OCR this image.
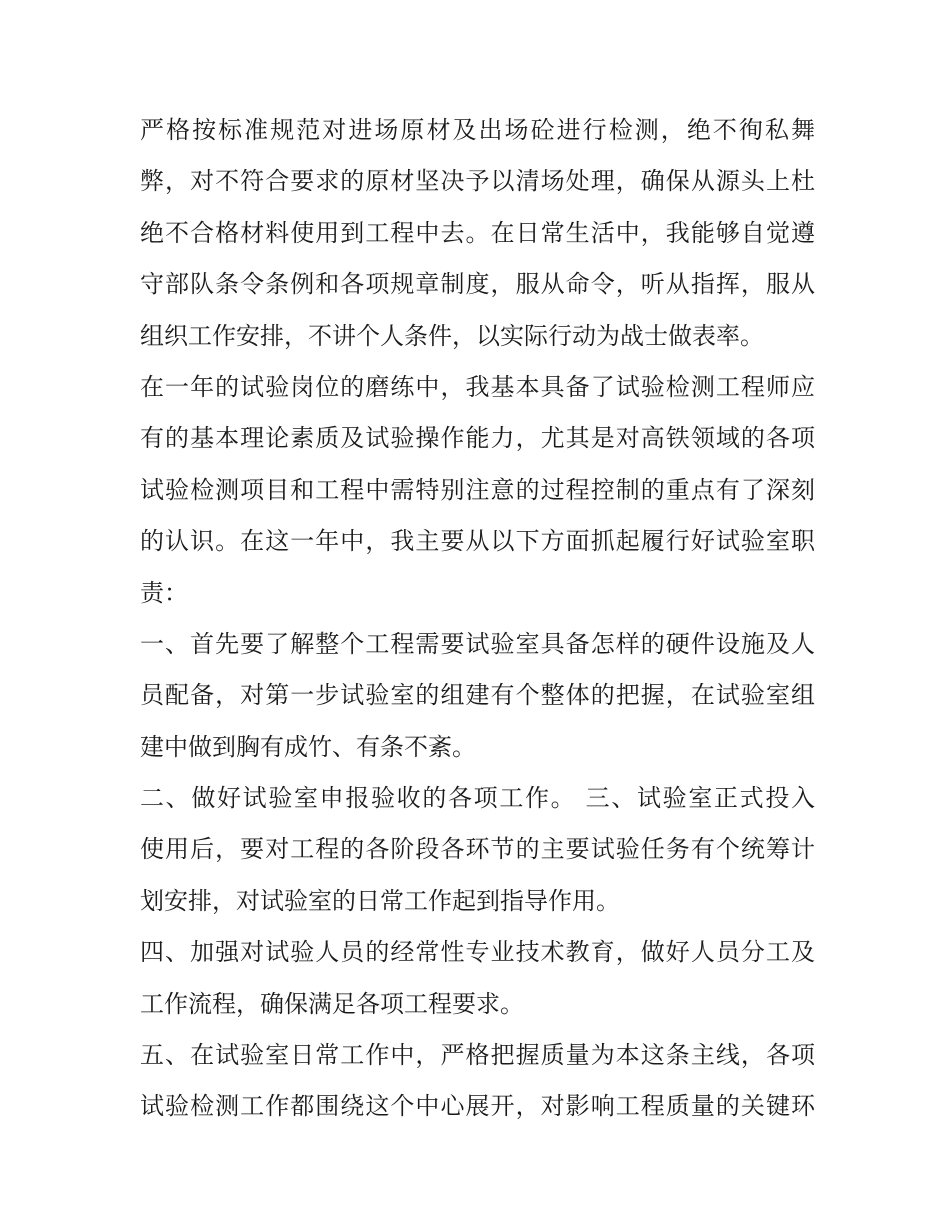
严格按标准规范对进场原材及出场砼进行检测，绝不徇私舞
弊，对不符合要求的原材坚决予以清场处理，确保从源头上杜
绝不合格材料使用到工程中去。在日常生活中，我能够自觉遵
守部队条令条例和各项规章制度，服从命令，听从指挥，服从
组织工作安排，不讲个人条件，以实际行动为战士做表率。
在一年的试验岗位的磨练中，我基本具备了试验检测工程师应
有的基本理论素质及试验操作能力，尤其是对高铁领域的各项
试验检测项目和工程中需特别注意的过程控制的重点有了深刻
的认识。在这一年中，我主要从以下方面抓起履行好试验室职
责：
一、首先要了解整个工程需要试验室具备怎样的硬件设施及人
员配备，对第一步试验室的组建有个整体的把握，在试验室组
建中做到胸有成竹、有条不紊。
二、做好试验室申报验收的各项工作。 三、试验室正式投入
使用后，要对工程的各阶段各环节的主要试验任务有个统筹计
划安排，对试验室的日常工作起到指导作用。
四、加强对试验人员的经常性专业技术教育，做好人员分工及
工作流程，确保满足各项工程要求。
五、在试验室日常工作中，严格把握质量为本这条主线，各项
试验检测工作都围绕这个中心展开，对影响工程质量的关键环
